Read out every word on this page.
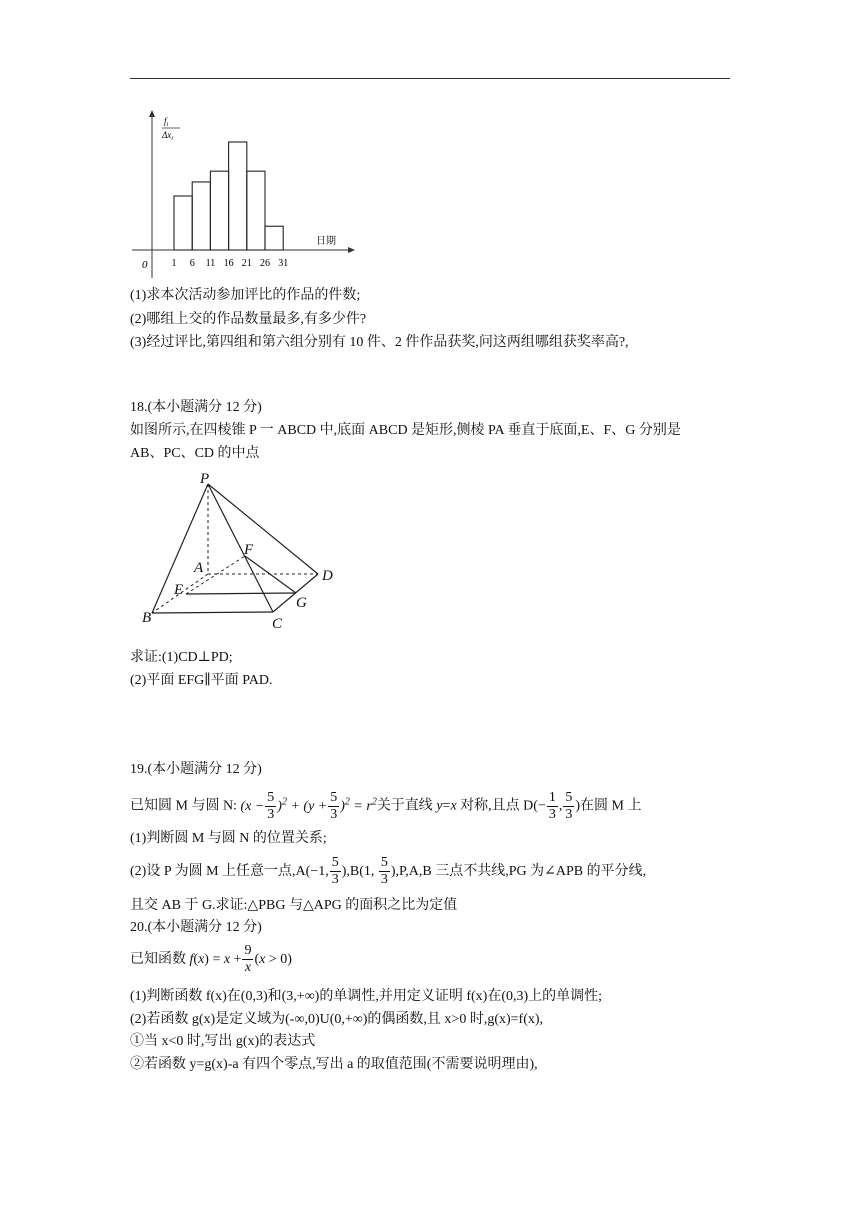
$f_i$
$\Delta x_i$
1 6 11 16 21 26 31
0
日期
(1)求本次活动参加评比的作品的件数;
(2)哪组上交的作品数量最多,有多少件?
(3)经过评比,第四组和第六组分别有 10 件、2 件作品获奖,问这两组哪组获奖率高?,
18.(本小题满分 12 分)
如图所示,在四棱锥 P 一 ABCD 中,底面 ABCD 是矩形,侧棱 PA 垂直于底面,E、F、G 分别是
AB、PC、CD 的中点
P
A
B	C
D
E
F
G
求证:(1)CD⊥PD;
(2)平面 EFG∥平面 PAD.
19.(本小题满分 12 分)
已知圆 M 与圆 N: $(x - \frac{5}{3} )^2 + (y + \frac{5}{3} )^2 = r^2$关于直线 y=x 对称,且点 $D(- \frac{1}{3}$ , $\frac{5}{3}$ )在圆 M 上
(1)判断圆 M 与圆 N 的位置关系;
(2)设 P 为圆 M 上任意一点,A(−1, $\frac{5}{3} ),B(1$, $\frac{5}{3} ),P,A,B$ 三点不共线,PG 为∠APB 的平分线,
且交 AB 于 G.求证:△PBG 与△APG 的面积之比为定值
20.(本小题满分 12 分)
已知函数 $f(x) = x + \frac{9}{x} (x > 0)$
(1)判断函数 f(x)在(0,3)和(3,+∞)的单调性,并用定义证明 f(x)在(0,3)上的单调性;
(2)若函数 g(x)是定义域为(-∞,0)U(0,+∞)的偶函数,且 x>0 时,g(x)=f(x),
①当 x<0 时,写出 g(x)的表达式
②若函数 y=g(x)-a 有四个零点,写出 a 的取值范围(不需要说明理由),
